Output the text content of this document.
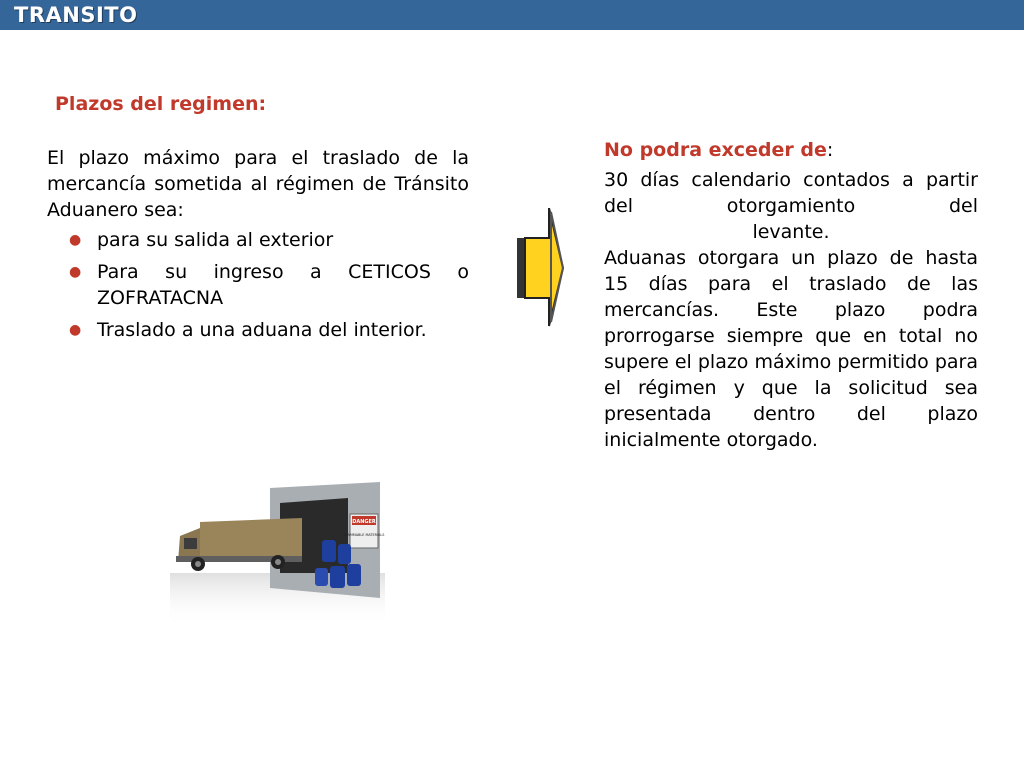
TRANSITO
Plazos del regimen:

El plazo máximo para el traslado de la mercancía sometida al régimen de Tránsito Aduanero sea:

● para su salida al exterior
● Para su ingreso a CETICOS o ZOFRATACNA
● Traslado a una aduana del interior.
No podra exceder de:

30 días calendario contados a partir del otorgamiento del

levante.

Aduanas otorgara un plazo de hasta 15 días para el traslado de las mercancías. Este plazo podra prorrogarse siempre que en total no supere el plazo máximo permitido para el régimen y que la solicitud sea presentada dentro del plazo inicialmente otorgado.

DANGER
FLAMMABLE MATERIALS
